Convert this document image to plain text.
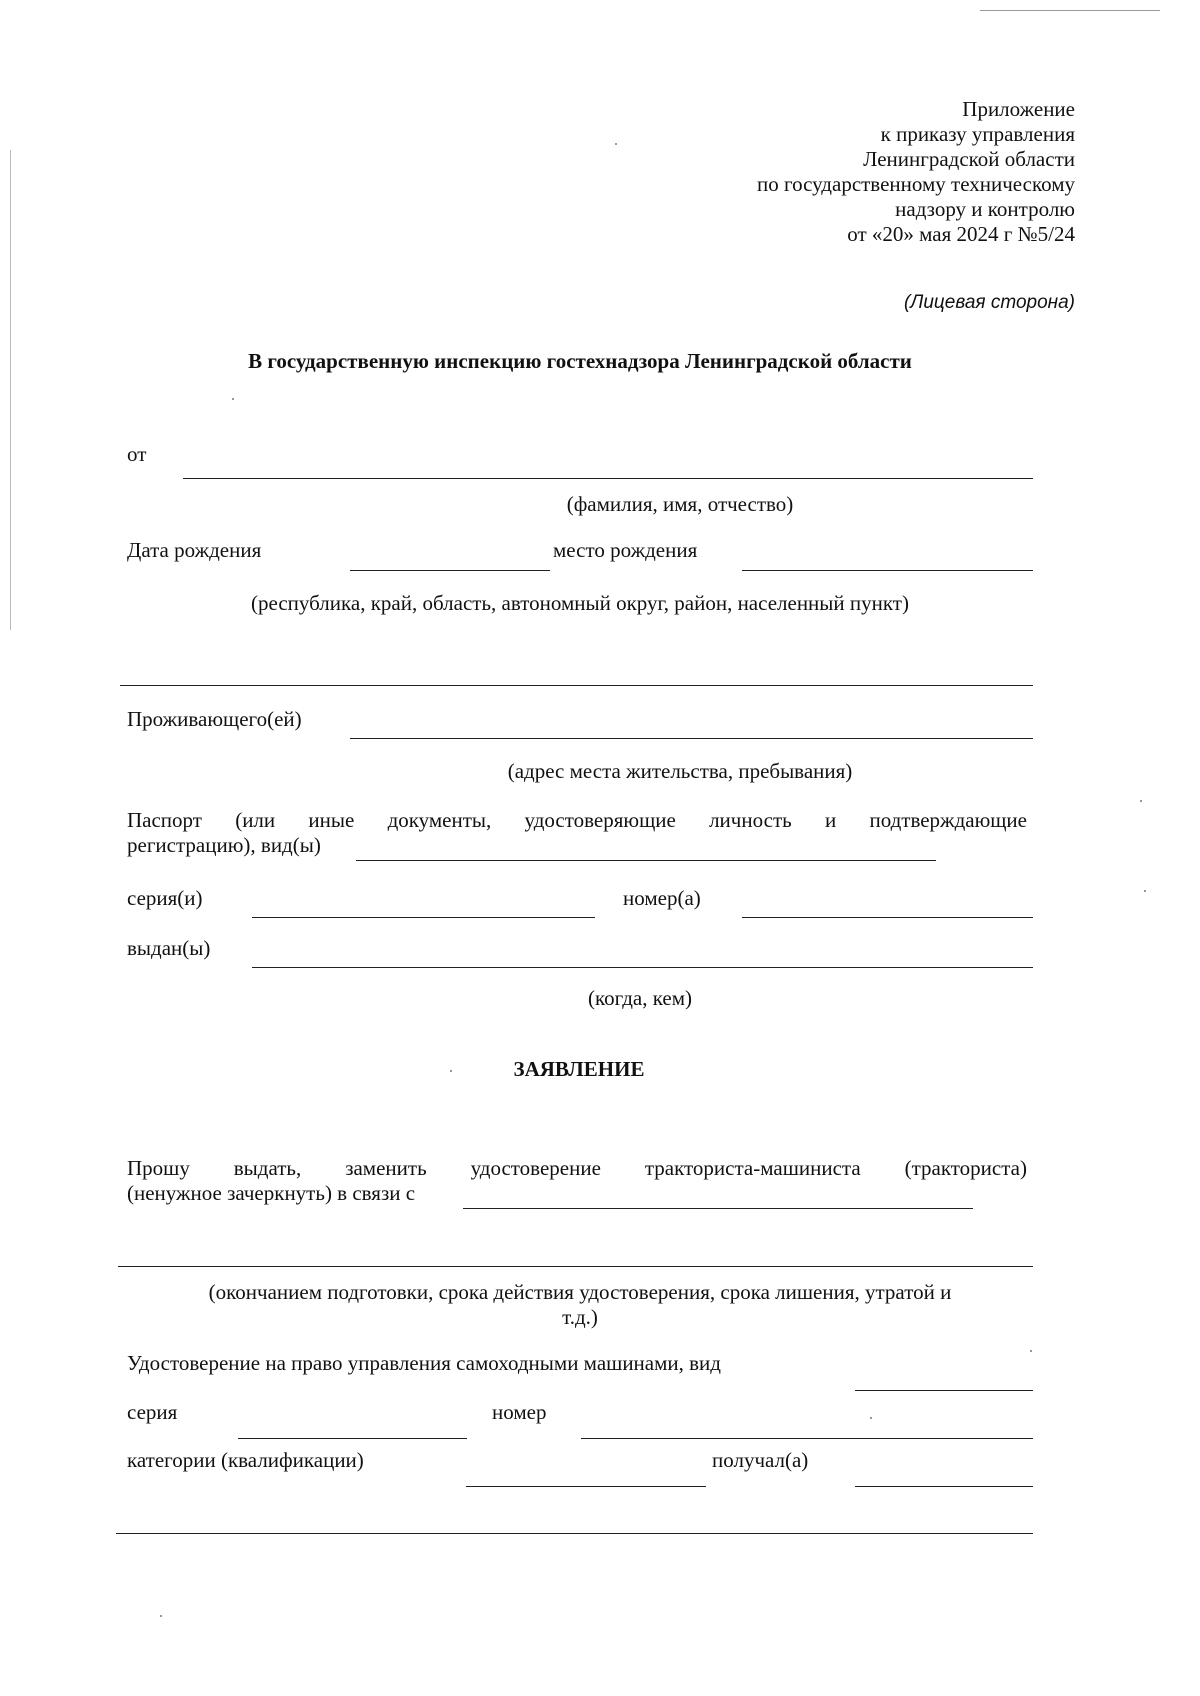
Приложение
к приказу управления
Ленинградской области
по государственному техническому
надзору и контролю
от «20» мая 2024 г №5/24
(Лицевая сторона)
В государственную инспекцию гостехнадзора Ленинградской области
от
(фамилия, имя, отчество)
Дата рождения	место рождения
(республика, край, область, автономный округ, район, населенный пункт)
Проживающего(ей)
(адрес места жительства, пребывания)
Паспорт (или иные документы, удостоверяющие личность и подтверждающие
регистрацию), вид(ы)
серия(и)	номер(а)
выдан(ы)
(когда, кем)
ЗАЯВЛЕНИЕ
Прошу выдать, заменить удостоверение тракториста-машиниста (тракториста)
(ненужное зачеркнуть) в связи с
(окончанием подготовки, срока действия удостоверения, срока лишения, утратой и
т.д.)
Удостоверение на право управления самоходными машинами, вид
серия	номер
категории (квалификации)	получал(а)
